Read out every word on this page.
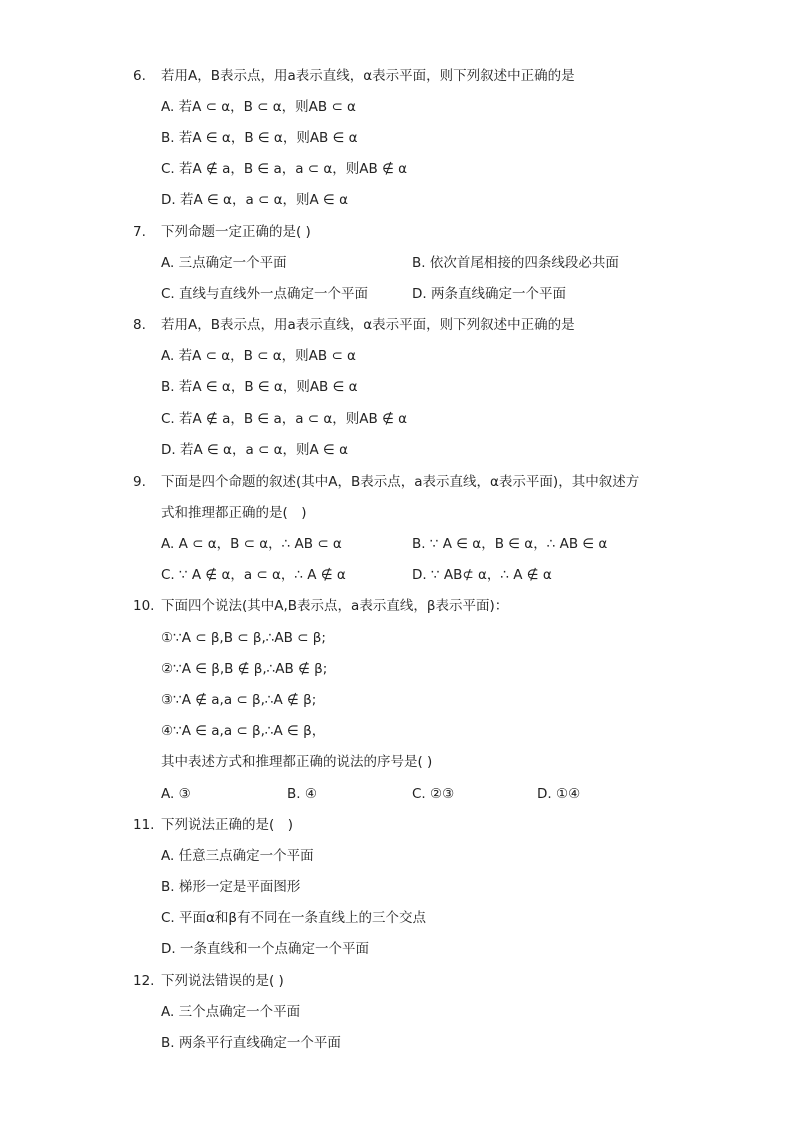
6. 若用A，B表示点，用a表示直线，α表示平面，则下列叙述中正确的是
A. 若A ⊂ α，B ⊂ α，则AB ⊂ α
B. 若A ∈ α，B ∈ α，则AB ∈ α
C. 若A ∉ a，B ∈ a，a ⊂ α，则AB ∉ α
D. 若A ∈ α，a ⊂ α，则A ∈ α
7. 下列命题一定正确的是( )
A. 三点确定一个平面	B. 依次首尾相接的四条线段必共面
C. 直线与直线外一点确定一个平面	D. 两条直线确定一个平面
8. 若用A，B表示点，用a表示直线，α表示平面，则下列叙述中正确的是
A. 若A ⊂ α，B ⊂ α，则AB ⊂ α
B. 若A ∈ α，B ∈ α，则AB ∈ α
C. 若A ∉ a，B ∈ a，a ⊂ α，则AB ∉ α
D. 若A ∈ α，a ⊂ α，则A ∈ α
9. 下面是四个命题的叙述(其中A，B表示点，a表示直线，α表示平面)，其中叙述方
式和推理都正确的是(　)
A. A ⊂ α，B ⊂ α，∴ AB ⊂ α	B. ∵ A ∈ α，B ∈ α，∴ AB ∈ α
C. ∵ A ∉ α，a ⊂ α，∴ A ∉ α	D. ∵ AB⊄ α，∴ A ∉ α
10. 下面四个说法(其中A,B表示点，a表示直线，β表示平面)：
①∵A ⊂ β,B ⊂ β,∴AB ⊂ β;
②∵A ∈ β,B ∉ β,∴AB ∉ β;
③∵A ∉ a,a ⊂ β,∴A ∉ β;
④∵A ∈ a,a ⊂ β,∴A ∈ β，
其中表述方式和推理都正确的说法的序号是( )
A. ③	B. ④	C. ②③	D. ①④
11. 下列说法正确的是(　)
A. 任意三点确定一个平面
B. 梯形一定是平面图形
C. 平面α和β有不同在一条直线上的三个交点
D. 一条直线和一个点确定一个平面
12. 下列说法错误的是( )
A. 三个点确定一个平面
B. 两条平行直线确定一个平面
